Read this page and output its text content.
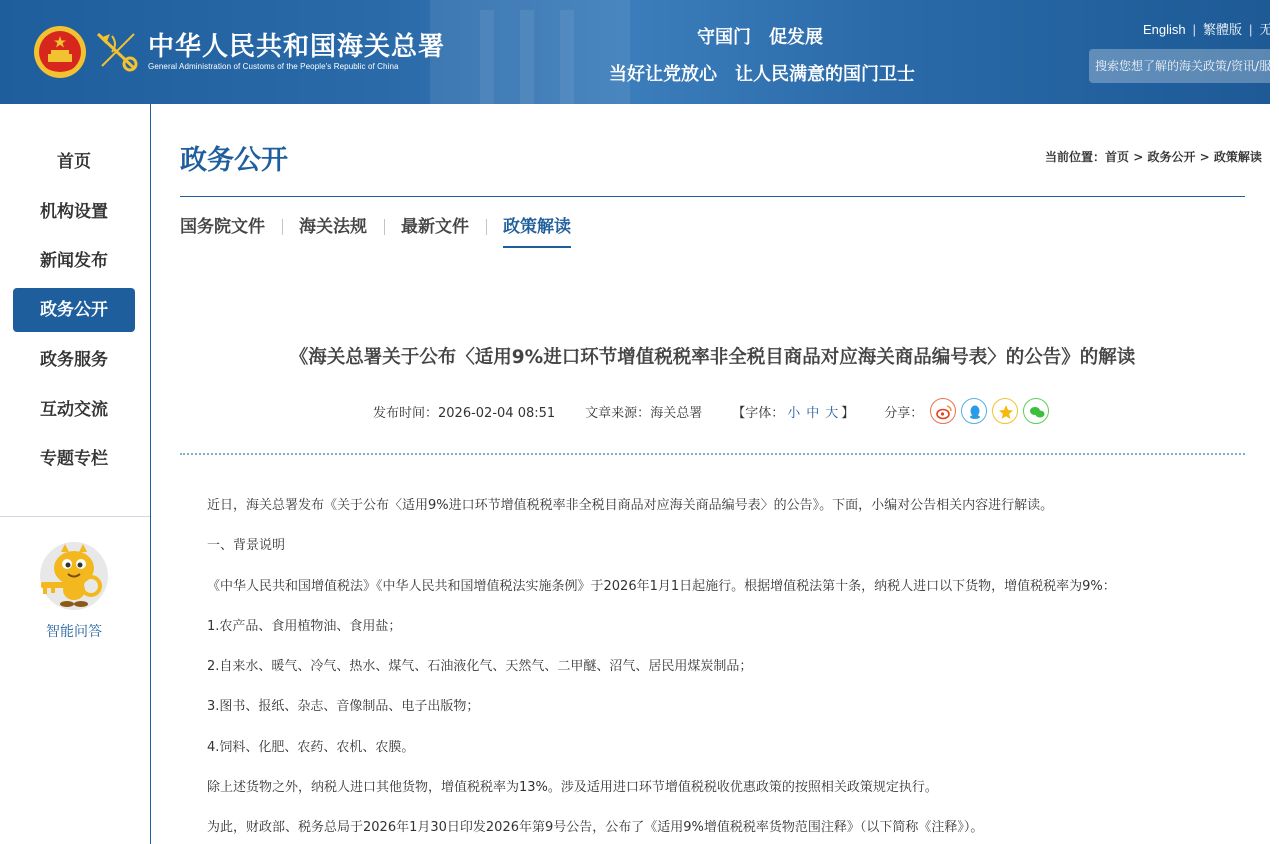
中华人民共和国海关总署
General Administration of Customs of the People's Republic of China
守国门 促发展
当好让党放心 让人民满意的国门卫士
English | 繁體版 | 无
搜索您想了解的海关政策/资讯/服
首页
机构设置
新闻发布
政务公开
政务服务
互动交流
专题专栏
智能问答
政务公开	当前位置：首页 > 政务公开 > 政策解读
国务院文件 海关法规 最新文件 政策解读
《海关总署关于公布〈适用9%进口环节增值税税率非全税目商品对应海关商品编号表〉的公告》的解读
发布时间：2026-02-04 08:51 文章来源：海关总署 【字体： 小 中 大 】 分享：
近日，海关总署发布《关于公布〈适用9%进口环节增值税税率非全税目商品对应海关商品编号表〉的公告》。下面，小编对公告相关内容进行解读。
一、背景说明
《中华人民共和国增值税法》《中华人民共和国增值税法实施条例》于2026年1月1日起施行。根据增值税法第十条，纳税人进口以下货物，增值税税率为9%：
1.农产品、食用植物油、食用盐；
2.自来水、暖气、冷气、热水、煤气、石油液化气、天然气、二甲醚、沼气、居民用煤炭制品；
3.图书、报纸、杂志、音像制品、电子出版物；
4.饲料、化肥、农药、农机、农膜。
除上述货物之外，纳税人进口其他货物，增值税税率为13%。涉及适用进口环节增值税税收优惠政策的按照相关政策规定执行。
为此，财政部、税务总局于2026年1月30日印发2026年第9号公告，公布了《适用9%增值税税率货物范围注释》（以下简称《注释》）。
